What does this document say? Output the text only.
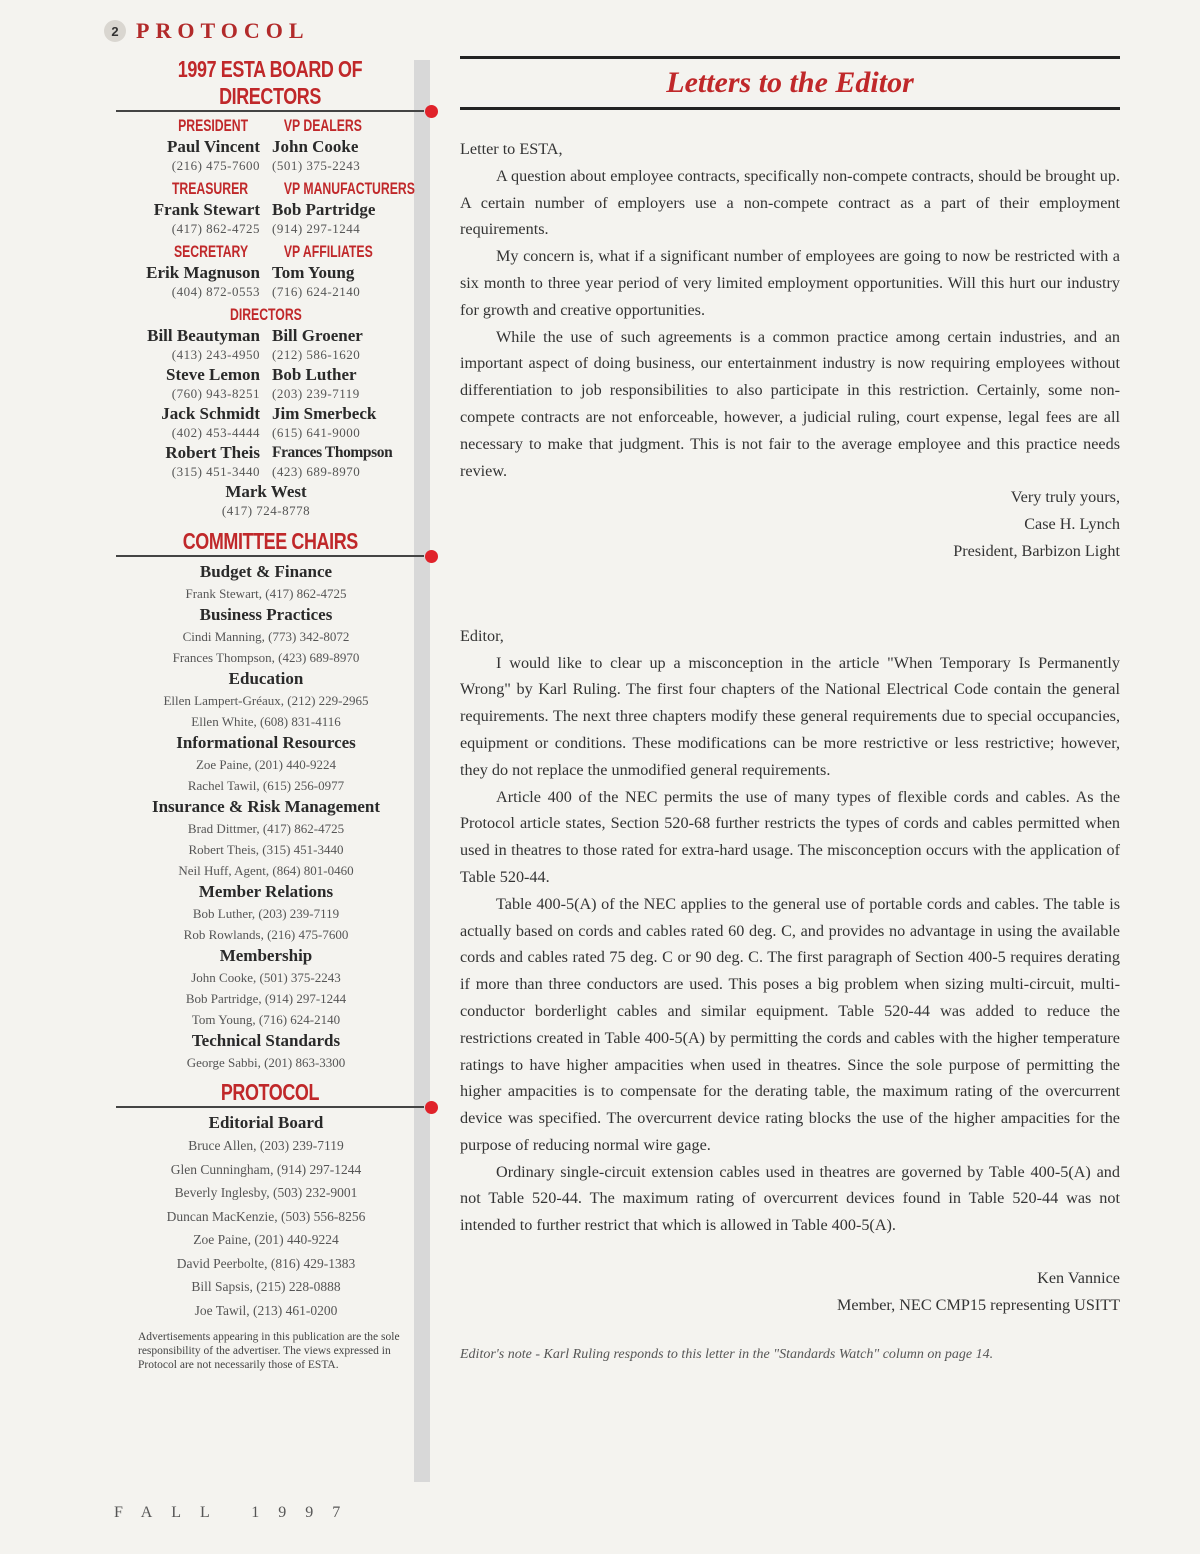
2 PROTOCOL
1997 ESTA BOARD OF DIRECTORS
PRESIDENT VP DEALERS
Paul Vincent
(216) 475-7600
John Cooke
(501) 375-2243
TREASURER VP MANUFACTURERS
Frank Stewart
(417) 862-4725
Bob Partridge
(914) 297-1244
SECRETARY VP AFFILIATES
Erik Magnuson
(404) 872-0553
Tom Young
(716) 624-2140
DIRECTORS
Bill Beautyman
(413) 243-4950
Bill Groener
(212) 586-1620
Steve Lemon
(760) 943-8251
Bob Luther
(203) 239-7119
Jack Schmidt
(402) 453-4444
Jim Smerbeck
(615) 641-9000
Robert Theis
(315) 451-3440
Frances Thompson
(423) 689-8970
Mark West
(417) 724-8778
COMMITTEE CHAIRS
Budget & Finance
Frank Stewart, (417) 862-4725
Business Practices
Cindi Manning, (773) 342-8072
Frances Thompson, (423) 689-8970
Education
Ellen Lampert-Gréaux, (212) 229-2965
Ellen White, (608) 831-4116
Informational Resources
Zoe Paine, (201) 440-9224
Rachel Tawil, (615) 256-0977
Insurance & Risk Management
Brad Dittmer, (417) 862-4725
Robert Theis, (315) 451-3440
Neil Huff, Agent, (864) 801-0460
Member Relations
Bob Luther, (203) 239-7119
Rob Rowlands, (216) 475-7600
Membership
John Cooke, (501) 375-2243
Bob Partridge, (914) 297-1244
Tom Young, (716) 624-2140
Technical Standards
George Sabbi, (201) 863-3300
PROTOCOL
Editorial Board
Bruce Allen, (203) 239-7119
Glen Cunningham, (914) 297-1244
Beverly Inglesby, (503) 232-9001
Duncan MacKenzie, (503) 556-8256
Zoe Paine, (201) 440-9224
David Peerbolte, (816) 429-1383
Bill Sapsis, (215) 228-0888
Joe Tawil, (213) 461-0200
Advertisements appearing in this publication are the sole responsibility of the advertiser. The views expressed in Protocol are not necessarily those of ESTA.
FALL 1997
Letters to the Editor

Letter to ESTA,

A question about employee contracts, specifically non-compete contracts, should be brought up. A certain number of employers use a non-compete contract as a part of their employment requirements.

My concern is, what if a significant number of employees are going to now be restricted with a six month to three year period of very limited employment opportunities. Will this hurt our industry for growth and creative opportunities.

While the use of such agreements is a common practice among certain industries, and an important aspect of doing business, our entertainment industry is now requiring employees without differentiation to job responsibilities to also participate in this restriction. Certainly, some non-compete contracts are not enforceable, however, a judicial ruling, court expense, legal fees are all necessary to make that judgment. This is not fair to the average employee and this practice needs review.

Very truly yours,

Case H. Lynch

President, Barbizon Light

Editor,

I would like to clear up a misconception in the article "When Temporary Is Permanently Wrong" by Karl Ruling. The first four chapters of the National Electrical Code contain the general requirements. The next three chapters modify these general requirements due to special occupancies, equipment or conditions. These modifications can be more restrictive or less restrictive; however, they do not replace the unmodified general requirements.

Article 400 of the NEC permits the use of many types of flexible cords and cables. As the Protocol article states, Section 520-68 further restricts the types of cords and cables permitted when used in theatres to those rated for extra-hard usage. The misconception occurs with the application of Table 520-44.

Table 400-5(A) of the NEC applies to the general use of portable cords and cables. The table is actually based on cords and cables rated 60 deg. C, and provides no advantage in using the available cords and cables rated 75 deg. C or 90 deg. C. The first paragraph of Section 400-5 requires derating if more than three conductors are used. This poses a big problem when sizing multi-circuit, multi-conductor borderlight cables and similar equipment. Table 520-44 was added to reduce the restrictions created in Table 400-5(A) by permitting the cords and cables with the higher temperature ratings to have higher ampacities when used in theatres. Since the sole purpose of permitting the higher ampacities is to compensate for the derating table, the maximum rating of the overcurrent device was specified. The overcurrent device rating blocks the use of the higher ampacities for the purpose of reducing normal wire gage.

Ordinary single-circuit extension cables used in theatres are governed by Table 400-5(A) and not Table 520-44. The maximum rating of overcurrent devices found in Table 520-44 was not intended to further restrict that which is allowed in Table 400-5(A).

Ken Vannice

Member, NEC CMP15 representing USITT

Editor's note - Karl Ruling responds to this letter in the "Standards Watch" column on page 14.
